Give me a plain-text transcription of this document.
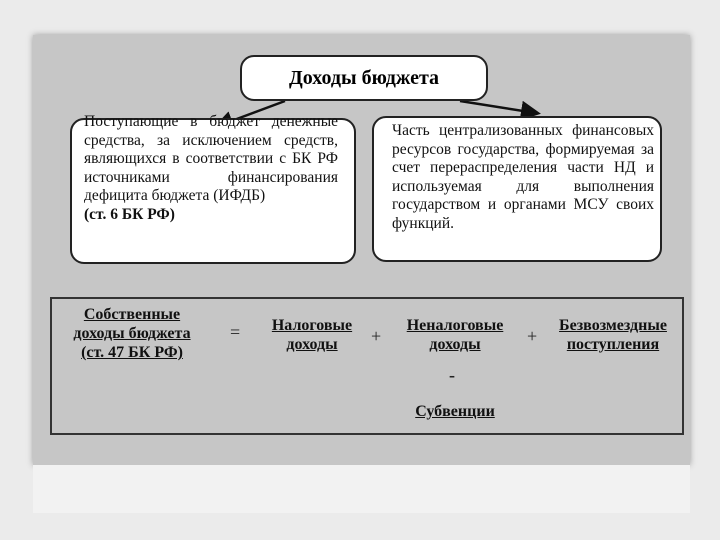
Доходы бюджета
Поступающие в бюджет денежные средства, за исключением средств, являющихся в соответствии с БК РФ источниками финансирования дефицита бюджета (ИФДБ)
(ст. 6 БК РФ)
Часть централизованных финансовых ресурсов государства, формируемая за счет перераспределения части НД и используемая для выполнения государством и органами МСУ своих функций.
Собственные
доходы бюджета
(ст. 47 БК РФ)
=	Налоговые
доходы	+
Неналоговые
доходы	+
Безвозмездные
поступления
-
Субвенции
